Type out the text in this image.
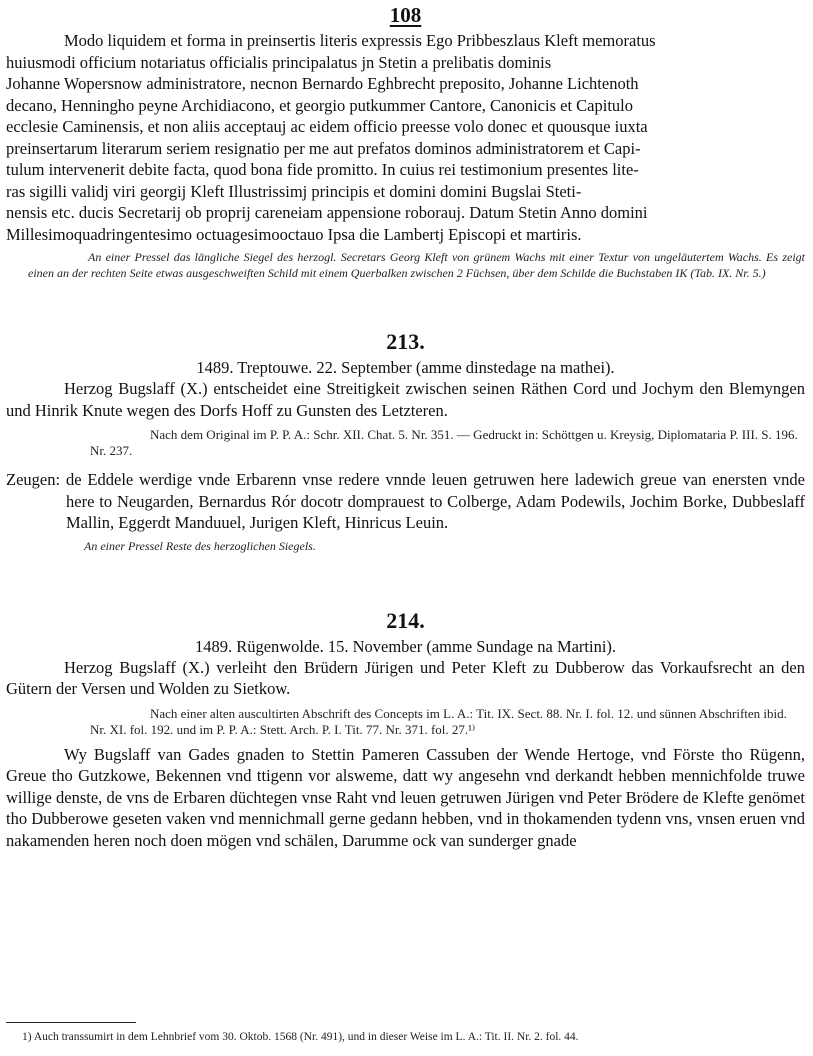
108
Modo liquidem et forma in preinsertis literis expressis Ego Pribbeszlaus Kleft memoratus
huiusmodi officium notariatus officialis principalatus jn Stetin a prelibatis dominis
Johanne Wopersnow administratore, necnon Bernardo Eghbrecht preposito, Johanne Lichtenoth
decano, Henningho peyne Archidiacono, et georgio putkummer Cantore, Canonicis et Capitulo
ecclesie Caminensis, et non aliis acceptauj ac eidem officio preesse volo donec et quousque iuxta
preinsertarum literarum seriem resignatio per me aut prefatos dominos administratorem et Capi-
tulum intervenerit debite facta, quod bona fide promitto. In cuius rei testimonium presentes lite-
ras sigilli validj viri georgij Kleft Illustrissimj principis et domini domini Bugslai Steti-
nensis etc. ducis Secretarij ob proprij careneiam appensione roborauj. Datum Stetin Anno domini
Millesimoquadringentesimo octuagesimooctauo Ipsa die Lambertj Episcopi et martiris.

An einer Pressel das längliche Siegel des herzogl. Secretars Georg Kleft von grünem Wachs mit einer Textur von ungeläutertem Wachs. Es zeigt einen an der rechten Seite etwas ausgeschweiften Schild mit einem Querbalken zwischen 2 Füchsen, über dem Schilde die Buchstaben IK (Tab. IX. Nr. 5.)

213.
1489. Treptouwe. 22. September (amme dinstedage na mathei).

Herzog Bugslaff (X.) entscheidet eine Streitigkeit zwischen seinen Räthen Cord und Jochym den Blemyngen und Hinrik Knute wegen des Dorfs Hoff zu Gunsten des Letzteren.

Nach dem Original im P. P. A.: Schr. XII. Chat. 5. Nr. 351. — Gedruckt in: Schöttgen u. Kreysig, Diplomataria P. III. S. 196. Nr. 237.

Zeugen: de Eddele werdige vnde Erbarenn vnse redere vnnde leuen getruwen here ladewich greue van enersten vnde here to Neugarden, Bernardus Rór docotr domprauest to Colberge, Adam Podewils, Jochim Borke, Dubbeslaff Mallin, Eggerdt Manduuel, Jurigen Kleft, Hinricus Leuin.

An einer Pressel Reste des herzoglichen Siegels.

214.
1489. Rügenwolde. 15. November (amme Sundage na Martini).

Herzog Bugslaff (X.) verleiht den Brüdern Jürigen und Peter Kleft zu Dubberow das Vorkaufsrecht an den Gütern der Versen und Wolden zu Sietkow.

Nach einer alten auscultirten Abschrift des Concepts im L. A.: Tit. IX. Sect. 88. Nr. I. fol. 12. und sünnen Abschriften ibid. Nr. XI. fol. 192. und im P. P. A.: Stett. Arch. P. I. Tit. 77. Nr. 371. fol. 27.¹⁾

Wy Bugslaff van Gades gnaden to Stettin Pameren Cassuben der Wende Hertoge, vnd Förste tho Rügenn, Greue tho Gutzkowe, Bekennen vnd ttigenn vor alsweme, datt wy angesehn vnd derkandt hebben mennichfolde truwe willige denste, de vns de Erbaren düchtegen vnse Raht vnd leuen getruwen Jürigen vnd Peter Brödere de Klefte genömet tho Dubberowe geseten vaken vnd mennichmall gerne gedann hebben, vnd in thokamenden tydenn vns, vnsen eruen vnd nakamenden heren noch doen mögen vnd schälen, Darumme ock van sunderger gnade

1) Auch transsumirt in dem Lehnbrief vom 30. Oktob. 1568 (Nr. 491), und in dieser Weise im L. A.: Tit. II. Nr. 2. fol. 44.
